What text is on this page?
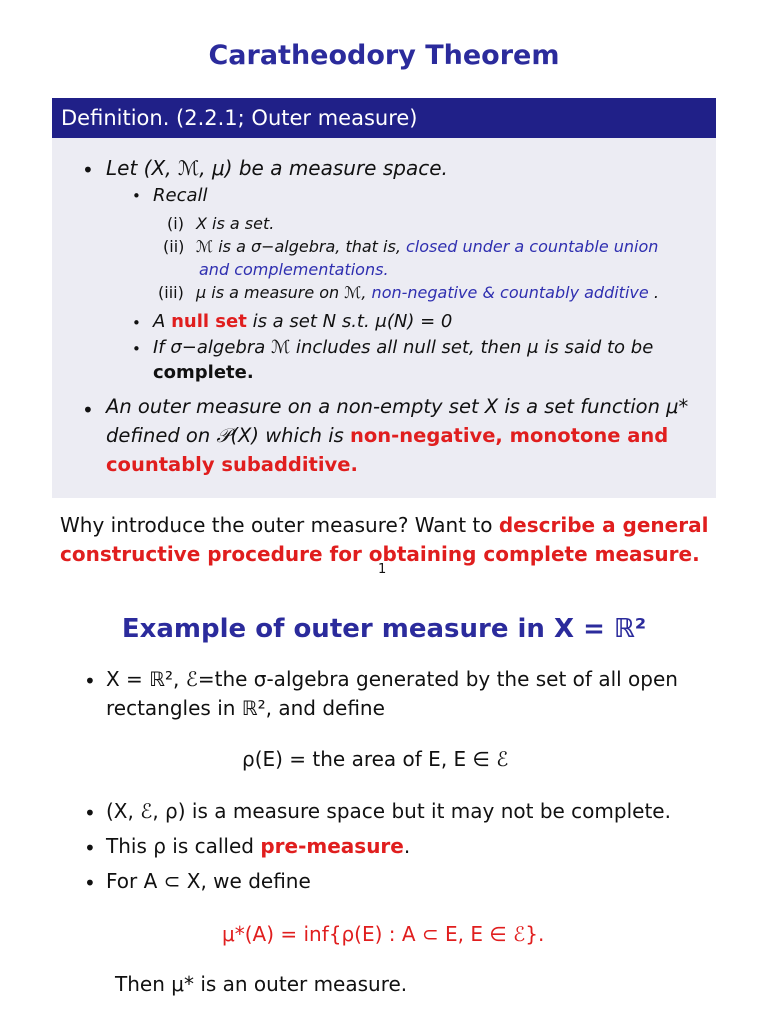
Caratheodory Theorem
Definition. (2.2.1; Outer measure)
• Let (X, ℳ, μ) be a measure space.
• Recall
(i) X is a set.
(ii) ℳ is a σ−algebra, that is, closed under a countable union
and complementations.
(iii) μ is a measure on ℳ, non-negative & countably additive .
• A null set is a set N s.t. μ(N) = 0
• If σ−algebra ℳ includes all null set, then μ is said to be
complete.
• An outer measure on a non-empty set X is a set function μ*
defined on 𝒫(X) which is non-negative, monotone and
countably subadditive.
Why introduce the outer measure? Want to describe a general
constructive procedure for obtaining complete measure.
1
Example of outer measure in X = ℝ²
• X = ℝ², ℰ=the σ-algebra generated by the set of all open
rectangles in ℝ², and define
ρ(E) = the area of E, E ∈ ℰ
• (X, ℰ, ρ) is a measure space but it may not be complete.
• This ρ is called pre-measure.
• For A ⊂ X, we define
μ*(A) = inf{ρ(E) : A ⊂ E, E ∈ ℰ}.
Then μ* is an outer measure.
